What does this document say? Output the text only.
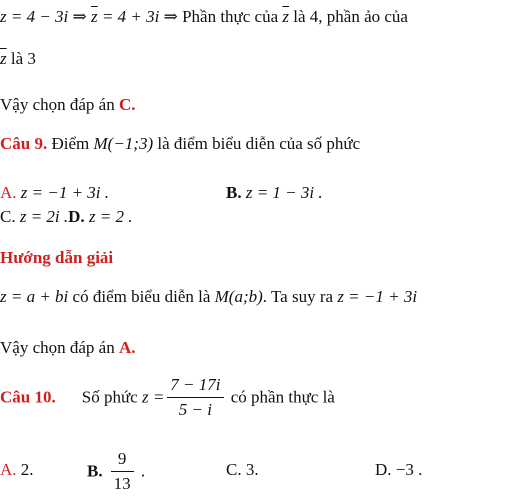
z = 4 − 3i ⇒ $\overline{z} = 4 + 3i$ ⇒ Phần thực của $\overline{z}$ là 4, phần ảo của
$\overline{z}$ là 3
Vậy chọn đáp án C.
Câu 9. Điểm M(−1;3) là điểm biểu diễn của số phức
A. z = −1 + 3i .	B. z = 1 − 3i .
C. z = 2i .D. z = 2 .
Hướng dẫn giải
z = a + bi có điểm biểu diễn là M(a;b). Ta suy ra z = −1 + 3i
Vậy chọn đáp án A.
Câu 10. Số phức $z = \frac{7 - 17i}{5 - i}$ có phần thực là
A. 2.	B. $\frac{9}{13}$ .	C. 3.	D. −3 .
